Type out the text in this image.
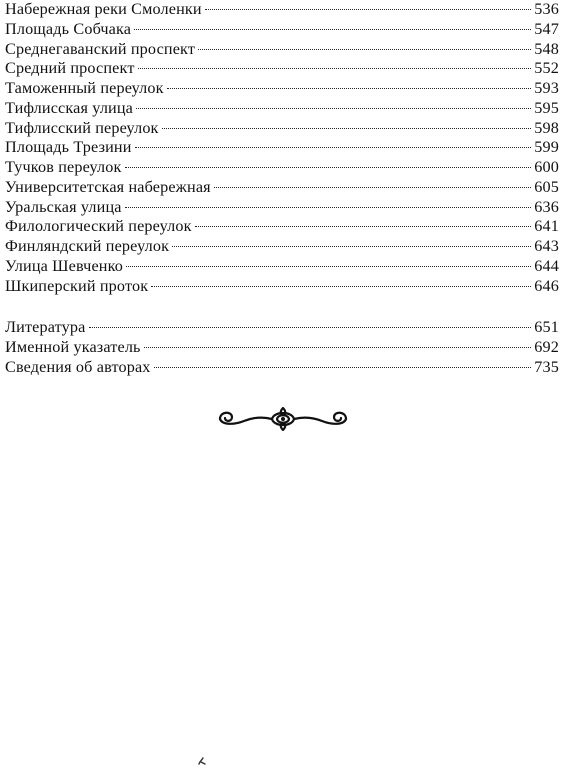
Набережная реки Смоленки	536
Площадь Собчака	547
Среднегаванский проспект	548
Средний проспект	552
Таможенный переулок	593
Тифлисская улица	595
Тифлисский переулок	598
Площадь Трезини	599
Тучков переулок	600
Университетская набережная	605
Уральская улица	636
Филологический переулок	641
Финляндский переулок	643
Улица Шевченко	644
Шкиперский проток	646
Литература	651
Именной указатель	692
Сведения об авторах	735
